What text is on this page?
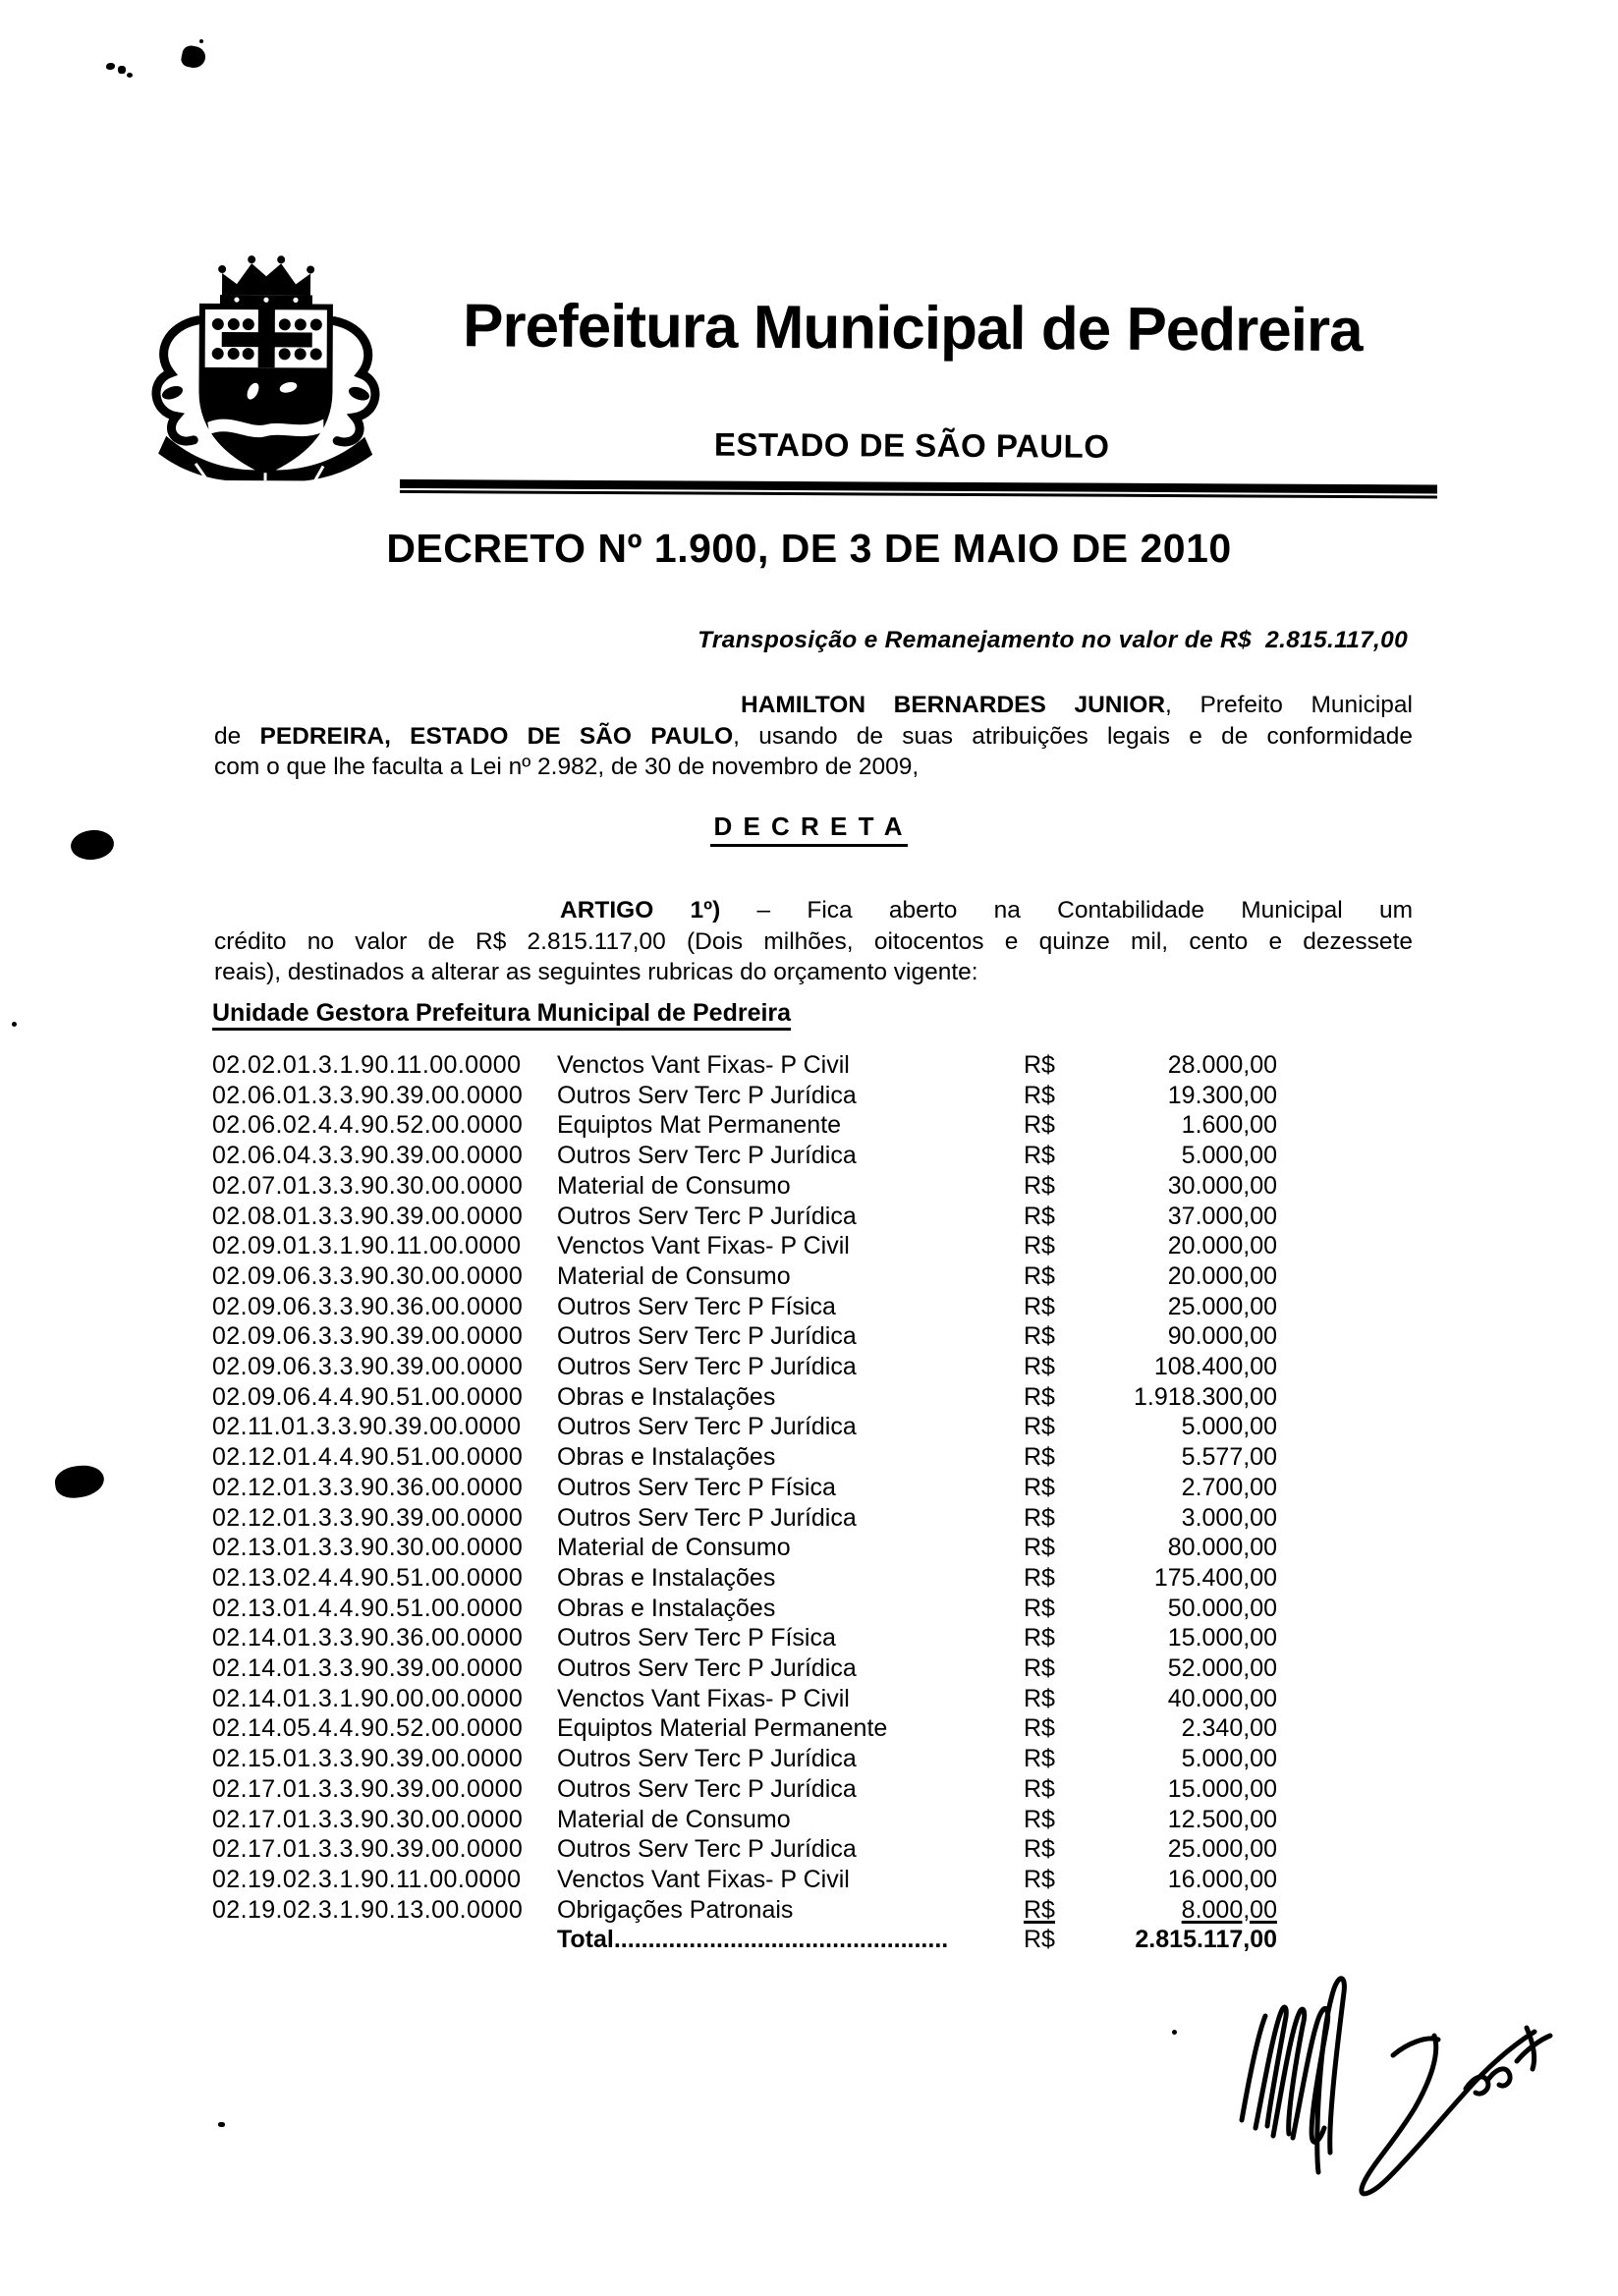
Prefeitura Municipal de Pedreira
ESTADO DE SÃO PAULO
DECRETO Nº 1.900, DE 3 DE MAIO DE 2010
Transposição e Remanejamento no valor de R$  2.815.117,00
HAMILTON BERNARDES JUNIOR, Prefeito Municipal
de PEDREIRA, ESTADO DE SÃO PAULO, usando de suas atribuições legais e de conformidade
com o que lhe faculta a Lei nº 2.982, de 30 de novembro de 2009,
D E C R E T A
ARTIGO 1º) – Fica aberto na Contabilidade Municipal um
crédito no valor de R$ 2.815.117,00 (Dois milhões, oitocentos e quinze mil, cento e dezessete
reais), destinados a alterar as seguintes rubricas do orçamento vigente:
Unidade Gestora Prefeitura Municipal de Pedreira
02.02.01.3.1.90.11.00.0000	Venctos Vant Fixas- P Civil	R$	28.000,00
02.06.01.3.3.90.39.00.0000	Outros Serv Terc P Jurídica	R$	19.300,00
02.06.02.4.4.90.52.00.0000	Equiptos Mat Permanente	R$	1.600,00
02.06.04.3.3.90.39.00.0000	Outros Serv Terc P Jurídica	R$	5.000,00
02.07.01.3.3.90.30.00.0000	Material de Consumo	R$	30.000,00
02.08.01.3.3.90.39.00.0000	Outros Serv Terc P Jurídica	R$	37.000,00
02.09.01.3.1.90.11.00.0000	Venctos Vant Fixas- P Civil	R$	20.000,00
02.09.06.3.3.90.30.00.0000	Material de Consumo	R$	20.000,00
02.09.06.3.3.90.36.00.0000	Outros Serv Terc P Física	R$	25.000,00
02.09.06.3.3.90.39.00.0000	Outros Serv Terc P Jurídica	R$	90.000,00
02.09.06.3.3.90.39.00.0000	Outros Serv Terc P Jurídica	R$	108.400,00
02.09.06.4.4.90.51.00.0000	Obras e Instalações	R$	1.918.300,00
02.11.01.3.3.90.39.00.0000	Outros Serv Terc P Jurídica	R$	5.000,00
02.12.01.4.4.90.51.00.0000	Obras e Instalações	R$	5.577,00
02.12.01.3.3.90.36.00.0000	Outros Serv Terc P Física	R$	2.700,00
02.12.01.3.3.90.39.00.0000	Outros Serv Terc P Jurídica	R$	3.000,00
02.13.01.3.3.90.30.00.0000	Material de Consumo	R$	80.000,00
02.13.02.4.4.90.51.00.0000	Obras e Instalações	R$	175.400,00
02.13.01.4.4.90.51.00.0000	Obras e Instalações	R$	50.000,00
02.14.01.3.3.90.36.00.0000	Outros Serv Terc P Física	R$	15.000,00
02.14.01.3.3.90.39.00.0000	Outros Serv Terc P Jurídica	R$	52.000,00
02.14.01.3.1.90.00.00.0000	Venctos Vant Fixas- P Civil	R$	40.000,00
02.14.05.4.4.90.52.00.0000	Equiptos Material Permanente	R$	2.340,00
02.15.01.3.3.90.39.00.0000	Outros Serv Terc P Jurídica	R$	5.000,00
02.17.01.3.3.90.39.00.0000	Outros Serv Terc P Jurídica	R$	15.000,00
02.17.01.3.3.90.30.00.0000	Material de Consumo	R$	12.500,00
02.17.01.3.3.90.39.00.0000	Outros Serv Terc P Jurídica	R$	25.000,00
02.19.02.3.1.90.11.00.0000	Venctos Vant Fixas- P Civil	R$	16.000,00
02.19.02.3.1.90.13.00.0000	Obrigações Patronais	R$	8.000,00
Total.................................................	R$	2.815.117,00
